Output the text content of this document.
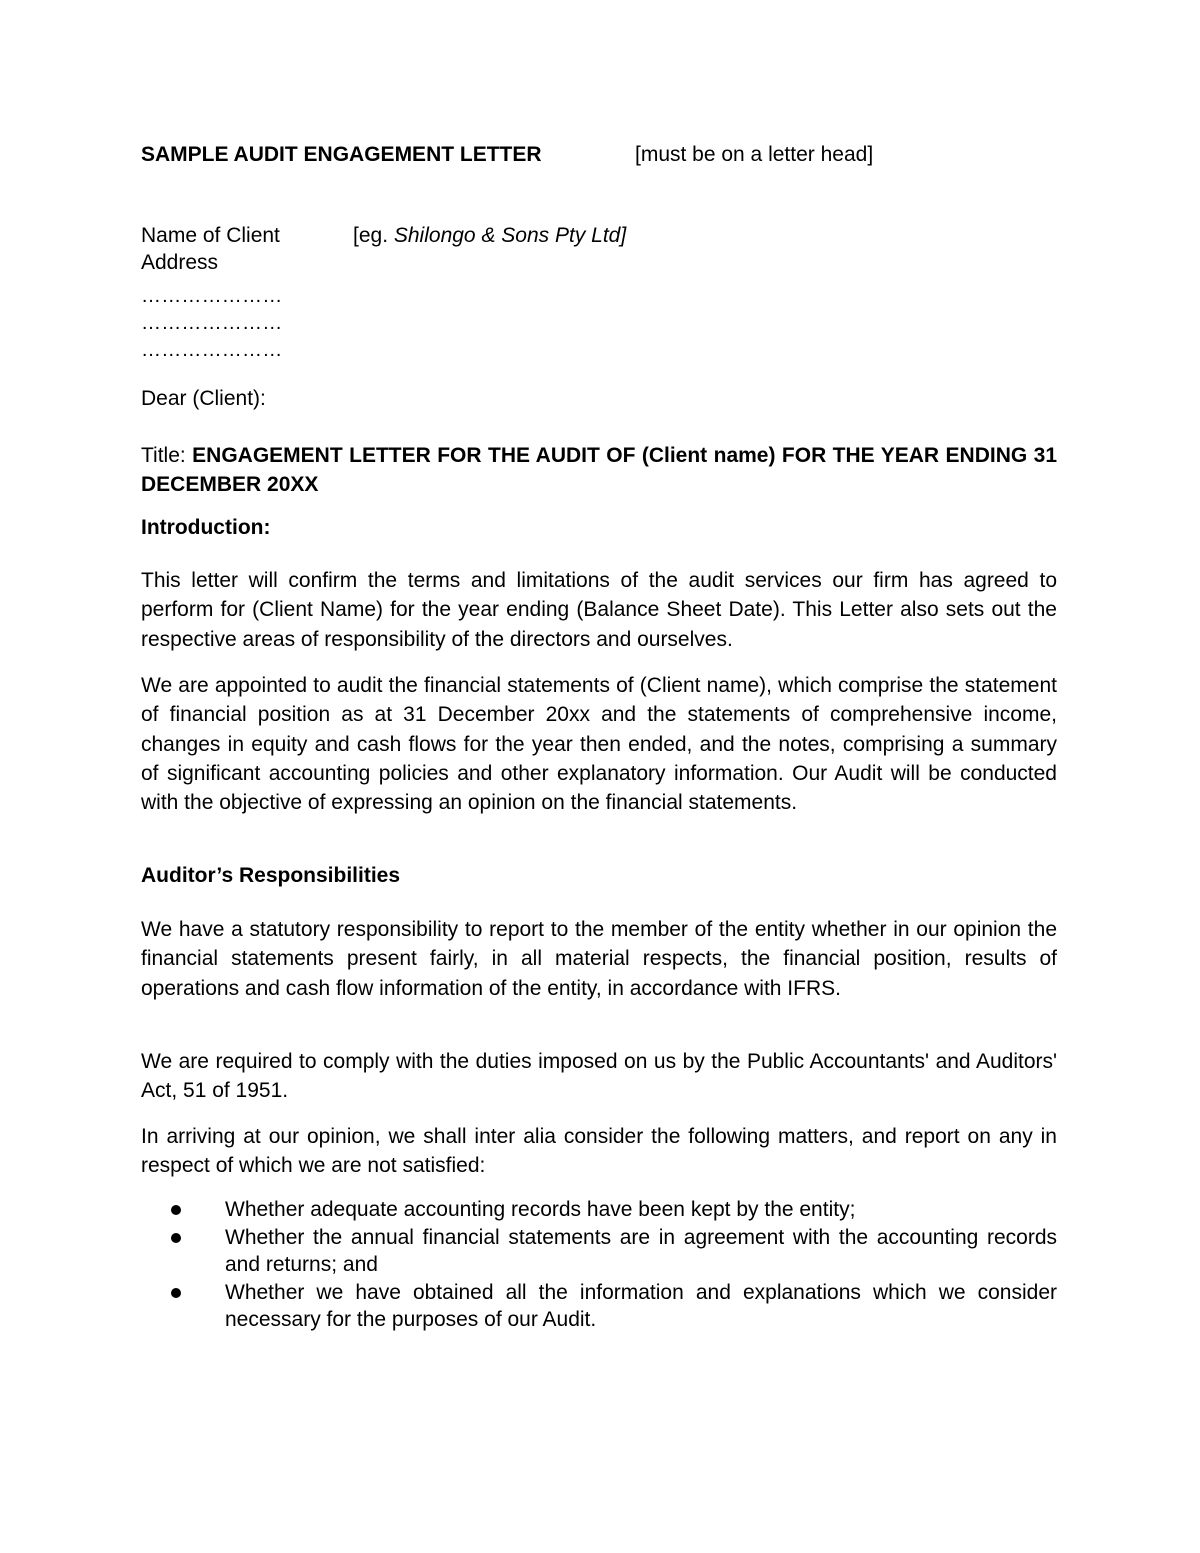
SAMPLE AUDIT ENGAGEMENT LETTER	[must be on a letter head]
Name of Client	[eg. Shilongo & Sons Pty Ltd]
Address
…………………
…………………
…………………
Dear (Client):
Title: ENGAGEMENT LETTER FOR THE AUDIT OF (Client name) FOR THE YEAR ENDING 31 DECEMBER 20XX
Introduction:
This letter will confirm the terms and limitations of the audit services our firm has agreed to perform for (Client Name) for the year ending (Balance Sheet Date). This Letter also sets out the respective areas of responsibility of the directors and ourselves.
We are appointed to audit the financial statements of (Client name), which comprise the statement of financial position as at 31 December 20xx and the statements of comprehensive income, changes in equity and cash flows for the year then ended, and the notes, comprising a summary of significant accounting policies and other explanatory information. Our Audit will be conducted with the objective of expressing an opinion on the financial statements.
Auditor’s Responsibilities
We have a statutory responsibility to report to the member of the entity whether in our opinion the financial statements present fairly, in all material respects, the financial position, results of operations and cash flow information of the entity, in accordance with IFRS.
We are required to comply with the duties imposed on us by the Public Accountants' and Auditors' Act, 51 of 1951.
In arriving at our opinion, we shall inter alia consider the following matters, and report on any in respect of which we are not satisfied:
Whether adequate accounting records have been kept by the entity;
Whether the annual financial statements are in agreement with the accounting records and returns; and
Whether we have obtained all the information and explanations which we consider necessary for the purposes of our Audit.
